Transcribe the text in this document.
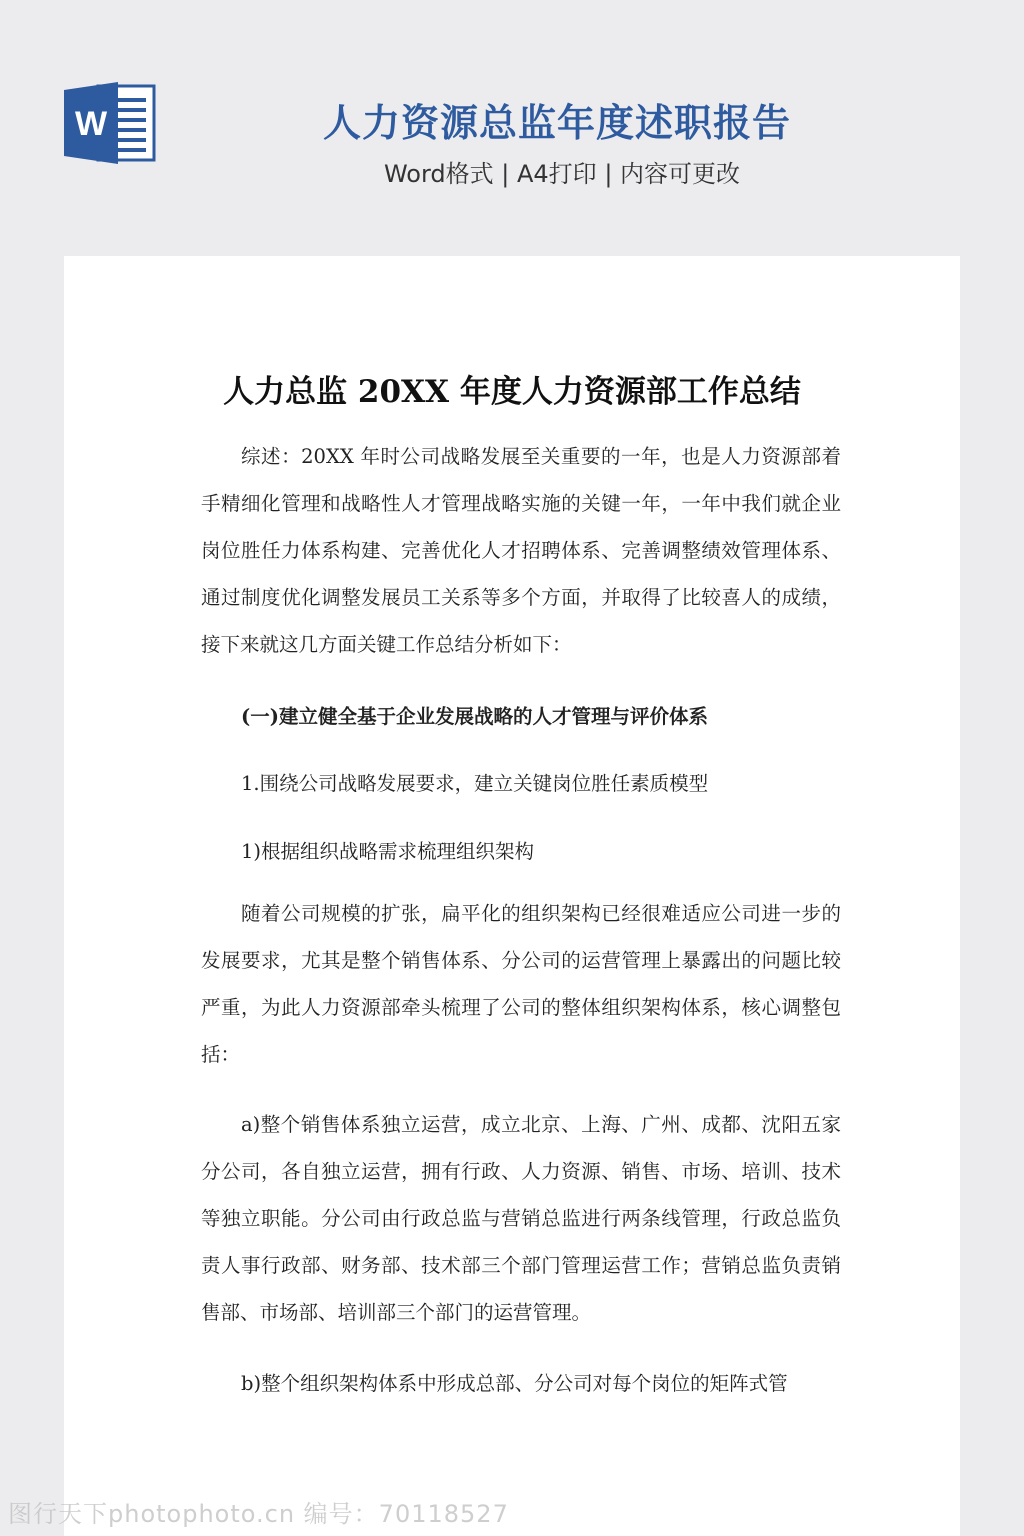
W	人力资源总监年度述职报告
Word格式 | A4打印 | 内容可更改
人力总监 20XX 年度人力资源部工作总结

综述：20XX 年时公司战略发展至关重要的一年，也是人力资源部着手精细化管理和战略性人才管理战略实施的关键一年，一年中我们就企业岗位胜任力体系构建、完善优化人才招聘体系、完善调整绩效管理体系、通过制度优化调整发展员工关系等多个方面，并取得了比较喜人的成绩，接下来就这几方面关键工作总结分析如下：

(一)建立健全基于企业发展战略的人才管理与评价体系

1.围绕公司战略发展要求，建立关键岗位胜任素质模型

1)根据组织战略需求梳理组织架构

随着公司规模的扩张，扁平化的组织架构已经很难适应公司进一步的发展要求，尤其是整个销售体系、分公司的运营管理上暴露出的问题比较严重，为此人力资源部牵头梳理了公司的整体组织架构体系，核心调整包括：

a)整个销售体系独立运营，成立北京、上海、广州、成都、沈阳五家分公司，各自独立运营，拥有行政、人力资源、销售、市场、培训、技术等独立职能。分公司由行政总监与营销总监进行两条线管理，行政总监负责人事行政部、财务部、技术部三个部门管理运营工作；营销总监负责销售部、市场部、培训部三个部门的运营管理。

b)整个组织架构体系中形成总部、分公司对每个岗位的矩阵式管

图行天下photophoto.cn 编号：70118527
